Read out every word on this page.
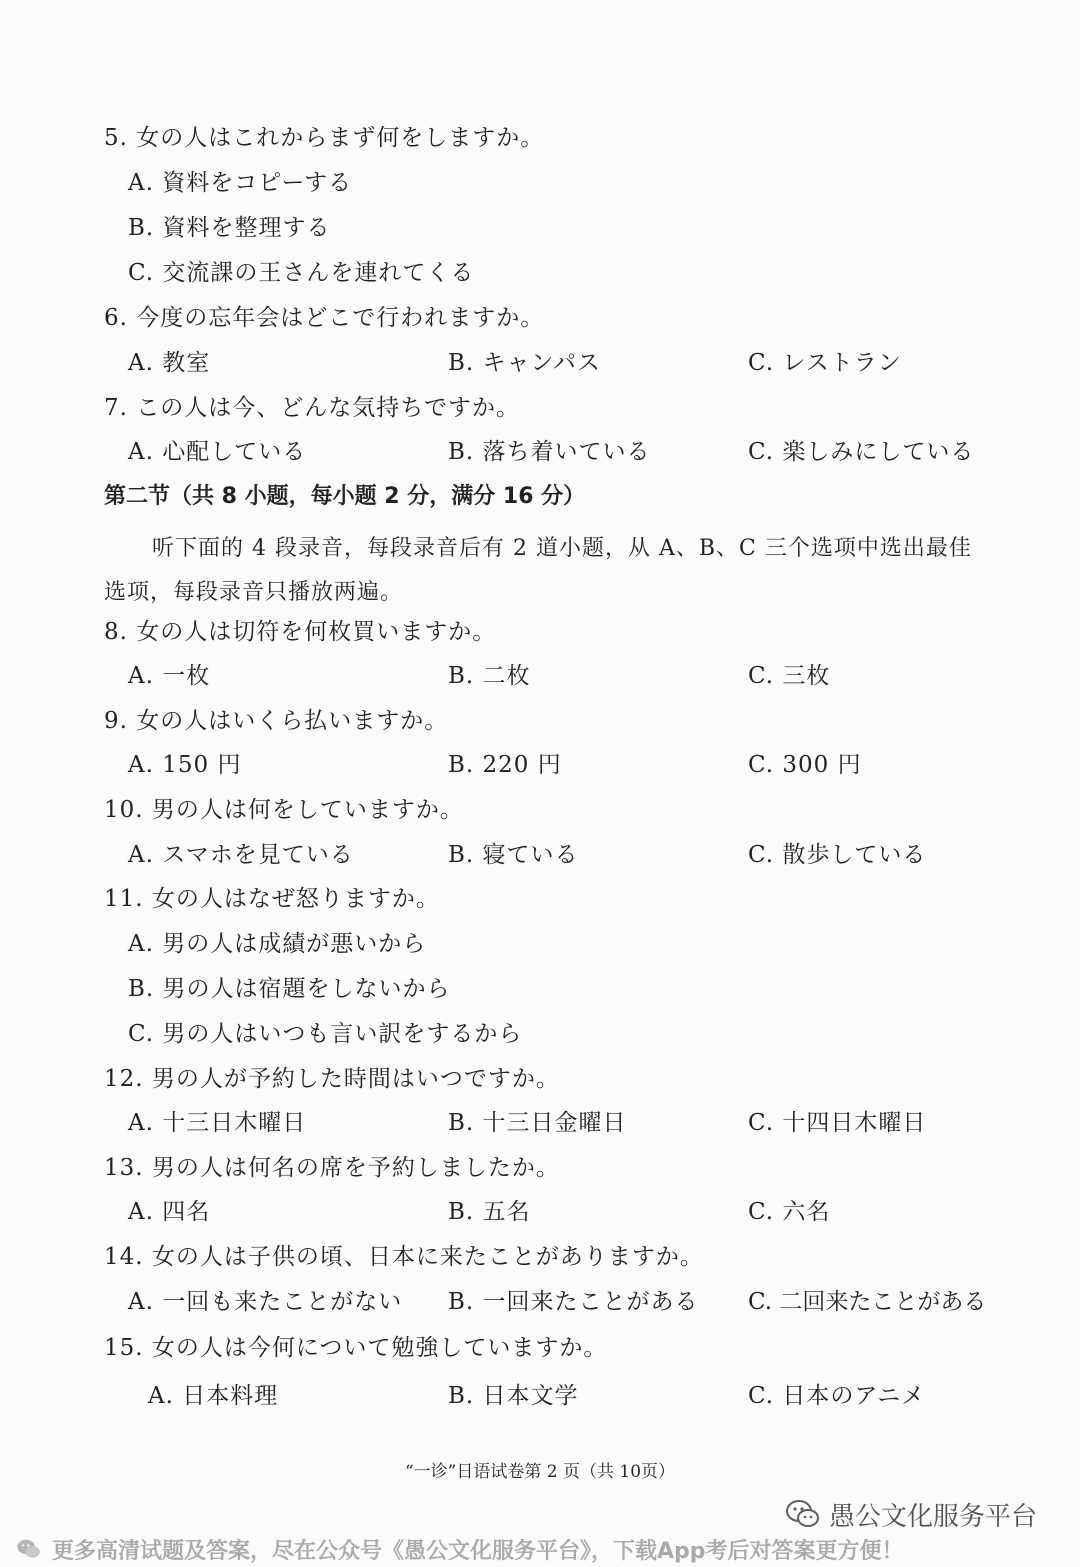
5. 女の人はこれからまず何をしますか。
A. 資料をコピーする
B. 資料を整理する
C. 交流課の王さんを連れてくる
6. 今度の忘年会はどこで行われますか。
A. 教室	B. キャンパス	C. レストラン
7. この人は今、どんな気持ちですか。
A. 心配している	B. 落ち着いている	C. 楽しみにしている
第二节（共 8 小题，每小题 2 分，满分 16 分）
听下面的 4 段录音，每段录音后有 2 道小题，从 A、B、C 三个选项中选出最佳选项，每段录音只播放两遍。
8. 女の人は切符を何枚買いますか。
A. 一枚	B. 二枚	C. 三枚
9. 女の人はいくら払いますか。
A. 150 円	B. 220 円	C. 300 円
10. 男の人は何をしていますか。
A. スマホを見ている	B. 寝ている	C. 散歩している
11. 女の人はなぜ怒りますか。
A. 男の人は成績が悪いから
B. 男の人は宿題をしないから
C. 男の人はいつも言い訳をするから
12. 男の人が予約した時間はいつですか。
A. 十三日木曜日	B. 十三日金曜日	C. 十四日木曜日
13. 男の人は何名の席を予約しましたか。
A. 四名	B. 五名	C. 六名
14. 女の人は子供の頃、日本に来たことがありますか。
A. 一回も来たことがない B. 一回来たことがある C. 二回来たことがある
15. 女の人は今何について勉強していますか。
A. 日本料理	B. 日本文学	C. 日本のアニメ
“一诊”日语试卷第 2 页（共 10页）
愚公文化服务平台
更多高清试题及答案，尽在公众号《愚公文化服务平台》，下载App考后对答案更方便！
